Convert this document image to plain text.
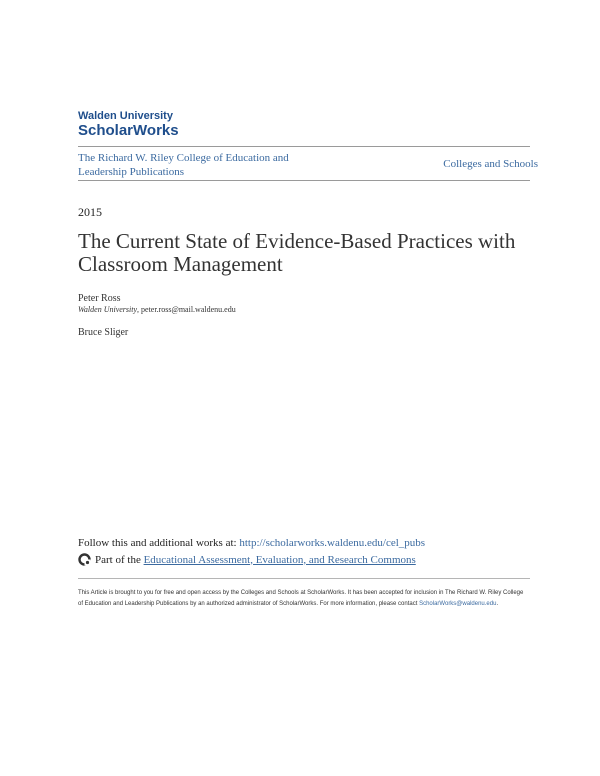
Walden University
ScholarWorks
The Richard W. Riley College of Education and Leadership Publications
Colleges and Schools
2015
The Current State of Evidence-Based Practices with Classroom Management
Peter Ross
Walden University, peter.ross@mail.waldenu.edu
Bruce Sliger
Follow this and additional works at: http://scholarworks.waldenu.edu/cel_pubs
Part of the
Educational Assessment, Evaluation, and Research Commons
This Article is brought to you for free and open access by the Colleges and Schools at ScholarWorks. It has been accepted for inclusion in The Richard W. Riley College of Education and Leadership Publications by an authorized administrator of ScholarWorks. For more information, please contact ScholarWorks@waldenu.edu.
